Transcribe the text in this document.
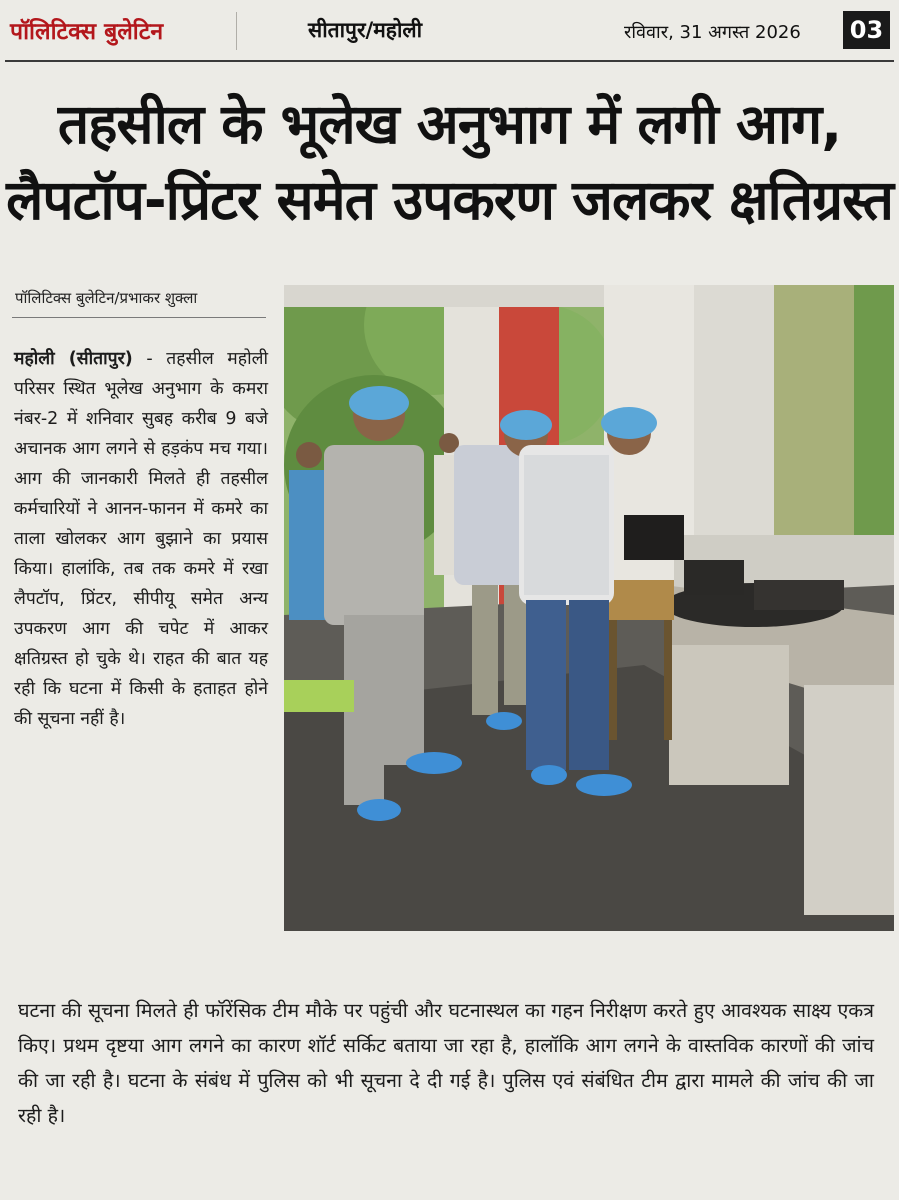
पॉलिटिक्स बुलेटिन	सीतापुर/महोली	रविवार, 31 अगस्त 2026 03
तहसील के भूलेख अनुभाग में लगी आग,
लैपटॉप-प्रिंटर समेत उपकरण जलकर क्षतिग्रस्त
पॉलिटिक्स बुलेटिन/प्रभाकर शुक्ला
महोली (सीतापुर) - तहसील महोली परिसर स्थित भूलेख अनुभाग के कमरा नंबर-2 में शनिवार सुबह करीब 9 बजे अचानक आग लगने से हड़कंप मच गया। आग की जानकारी मिलते ही तहसील कर्मचारियों ने आनन-फानन में कमरे का ताला खोलकर आग बुझाने का प्रयास किया। हालांकि, तब तक कमरे में रखा लैपटॉप, प्रिंटर, सीपीयू समेत अन्य उपकरण आग की चपेट में आकर क्षतिग्रस्त हो चुके थे। राहत की बात यह रही कि घटना में किसी के हताहत होने की सूचना नहीं है।
घटना की सूचना मिलते ही फॉरेंसिक टीम मौके पर पहुंची और घटनास्थल का गहन निरीक्षण करते हुए आवश्यक साक्ष्य एकत्र किए। प्रथम दृष्टया आग लगने का कारण शॉर्ट सर्किट बताया जा रहा है, हालॉकि आग लगने के वास्तविक कारणों की जांच की जा रही है। घटना के संबंध में पुलिस को भी सूचना दे दी गई है। पुलिस एवं संबंधित टीम द्वारा मामले की जांच की जा रही है।
